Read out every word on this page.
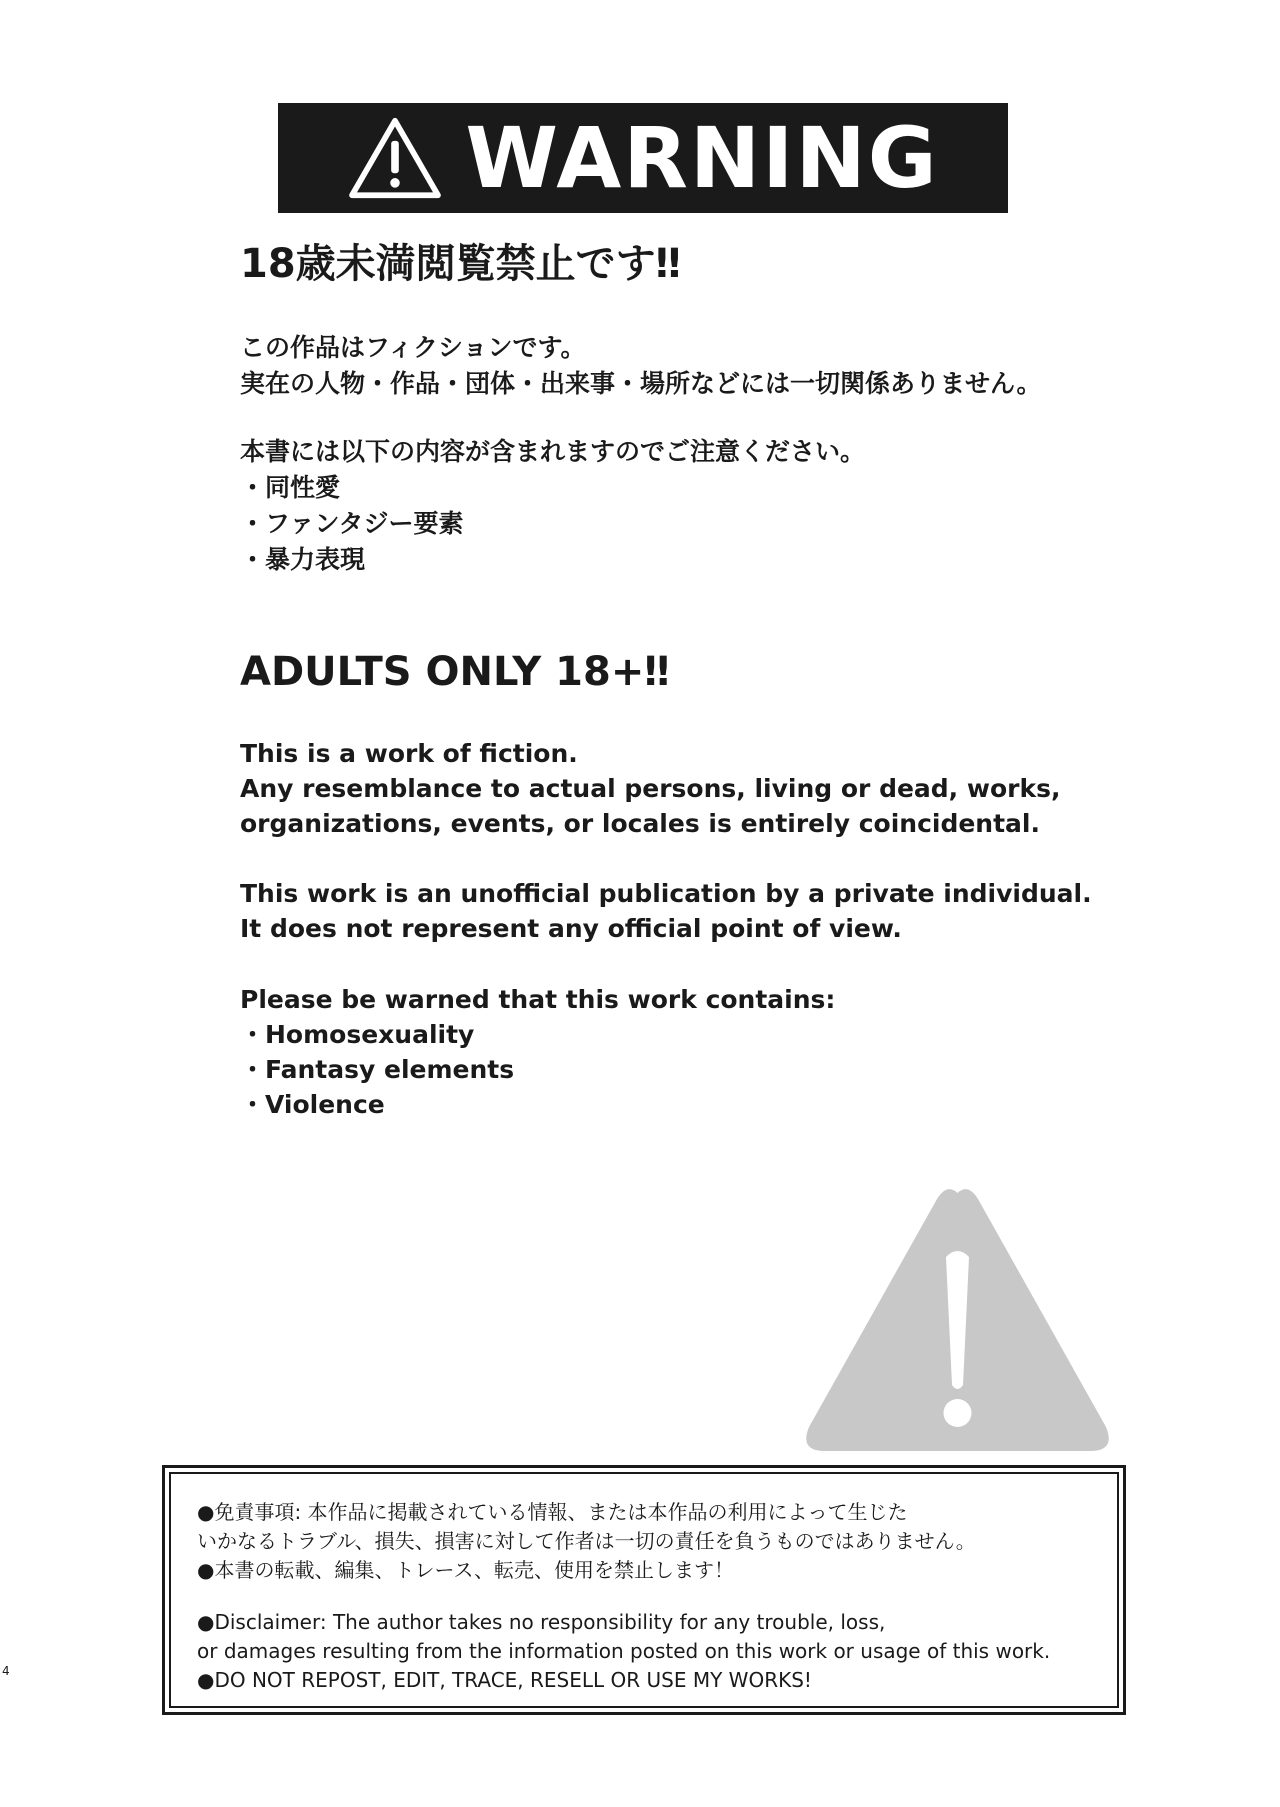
WARNING
18歳未満閲覧禁止です‼
この作品はフィクションです。
実在の人物・作品・団体・出来事・場所などには一切関係ありません。
本書には以下の内容が含まれますのでご注意ください。
・同性愛
・ファンタジー要素
・暴力表現
ADULTS ONLY 18+‼
This is a work of fiction.
Any resemblance to actual persons, living or dead, works,
organizations, events, or locales is entirely coincidental.
This work is an unofficial publication by a private individual.
It does not represent any official point of view.
Please be warned that this work contains:
・Homosexuality
・Fantasy elements
・Violence
●免責事項: 本作品に掲載されている情報、または本作品の利用によって生じた
いかなるトラブル、損失、損害に対して作者は一切の責任を負うものではありません。
●本書の転載、編集、トレース、転売、使用を禁止します！
●Disclaimer: The author takes no responsibility for any trouble, loss,
or damages resulting from the information posted on this work or usage of this work.
●DO NOT REPOST, EDIT, TRACE, RESELL OR USE MY WORKS!
4
